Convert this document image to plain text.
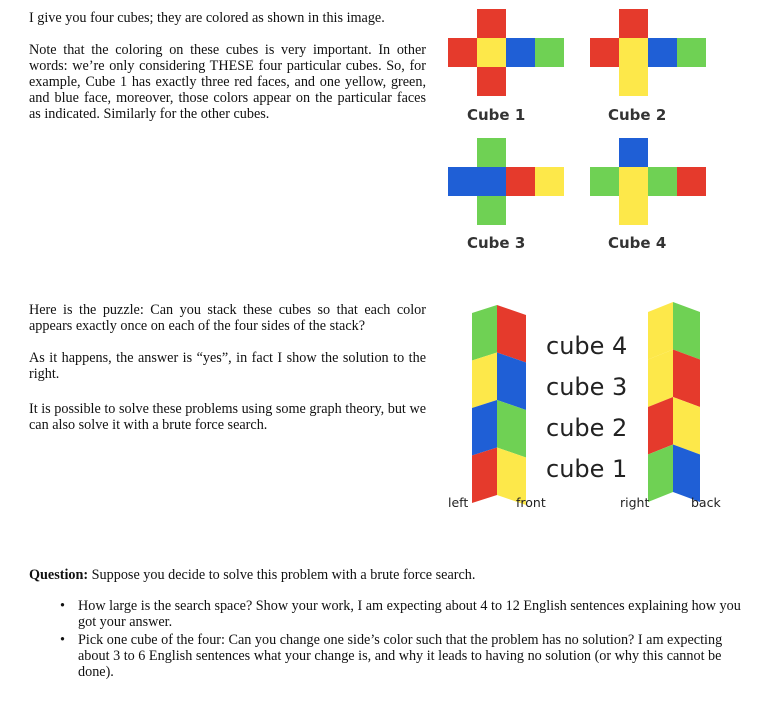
I give you four cubes; they are colored as shown in this image.

Note that the coloring on these cubes is very important. In other words: we’re only considering THESE four particular cubes. So, for example, Cube 1 has exactly three red faces, and one yellow, green, and blue face, moreover, those colors appear on the particular faces as indicated. Similarly for the other cubes.

Here is the puzzle: Can you stack these cubes so that each color appears exactly once on each of the four sides of the stack?

As it happens, the answer is “yes”, in fact I show the solution to the right.

It is possible to solve these problems using some graph theory, but we can also solve it with a brute force search.

Cube 1	Cube 2
Cube 3	Cube 4
cube 4
cube 3
cube 2
cube 1
left	front	right	back

Question: Suppose you decide to solve this problem with a brute force search.

• How large is the search space? Show your work, I am expecting about 4 to 12 English sentences explaining how you got your answer.
• Pick one cube of the four: Can you change one side’s color such that the problem has no solution? I am expecting about 3 to 6 English sentences what your change is, and why it leads to having no solution (or why this cannot be done).
